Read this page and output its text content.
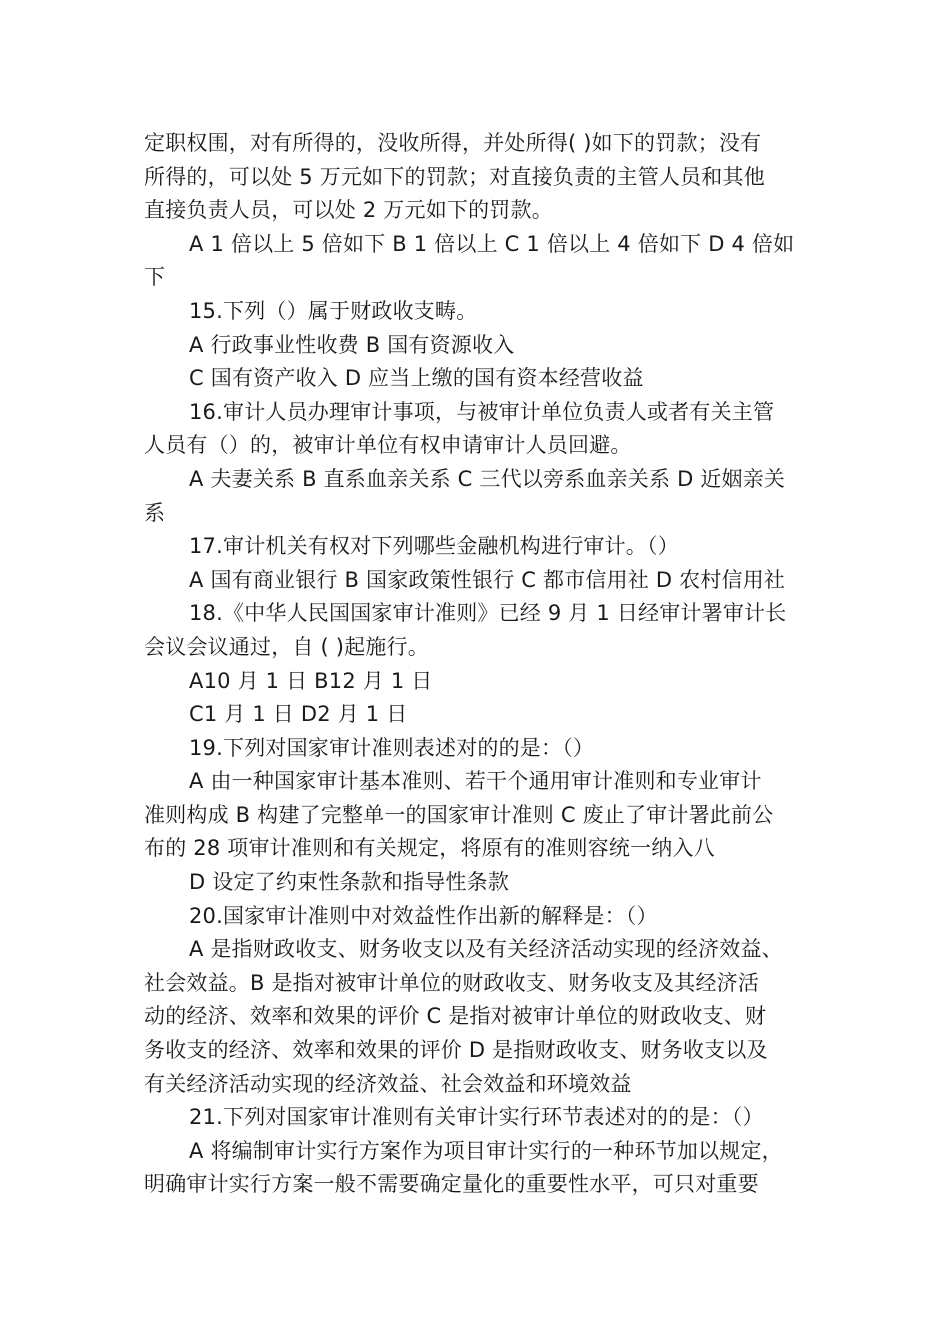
定职权围，对有所得的，没收所得，并处所得( )如下的罚款；没有
所得的，可以处 5 万元如下的罚款；对直接负责的主管人员和其他
直接负责人员，可以处 2 万元如下的罚款。
A 1 倍以上 5 倍如下 B 1 倍以上 C 1 倍以上 4 倍如下 D 4 倍如
下
15.下列（）属于财政收支畴。
A 行政事业性收费 B 国有资源收入
C 国有资产收入 D 应当上缴的国有资本经营收益
16.审计人员办理审计事项，与被审计单位负责人或者有关主管
人员有（）的，被审计单位有权申请审计人员回避。
A 夫妻关系 B 直系血亲关系 C 三代以旁系血亲关系 D 近姻亲关
系
17.审计机关有权对下列哪些金融机构进行审计。（）
A 国有商业银行 B 国家政策性银行 C 都市信用社 D 农村信用社
18.《中华人民国国家审计准则》已经 9 月 1 日经审计署审计长
会议会议通过，自 ( )起施行。
A10 月 1 日 B12 月 1 日
C1 月 1 日 D2 月 1 日
19.下列对国家审计准则表述对的的是：（）
A 由一种国家审计基本准则、若干个通用审计准则和专业审计
准则构成 B 构建了完整单一的国家审计准则 C 废止了审计署此前公
布的 28 项审计准则和有关规定，将原有的准则容统一纳入八
D 设定了约束性条款和指导性条款
20.国家审计准则中对效益性作出新的解释是：（）
A 是指财政收支、财务收支以及有关经济活动实现的经济效益、
社会效益。B 是指对被审计单位的财政收支、财务收支及其经济活
动的经济、效率和效果的评价 C 是指对被审计单位的财政收支、财
务收支的经济、效率和效果的评价 D 是指财政收支、财务收支以及
有关经济活动实现的经济效益、社会效益和环境效益
21.下列对国家审计准则有关审计实行环节表述对的的是：（）
A 将编制审计实行方案作为项目审计实行的一种环节加以规定，
明确审计实行方案一般不需要确定量化的重要性水平，可只对重要
